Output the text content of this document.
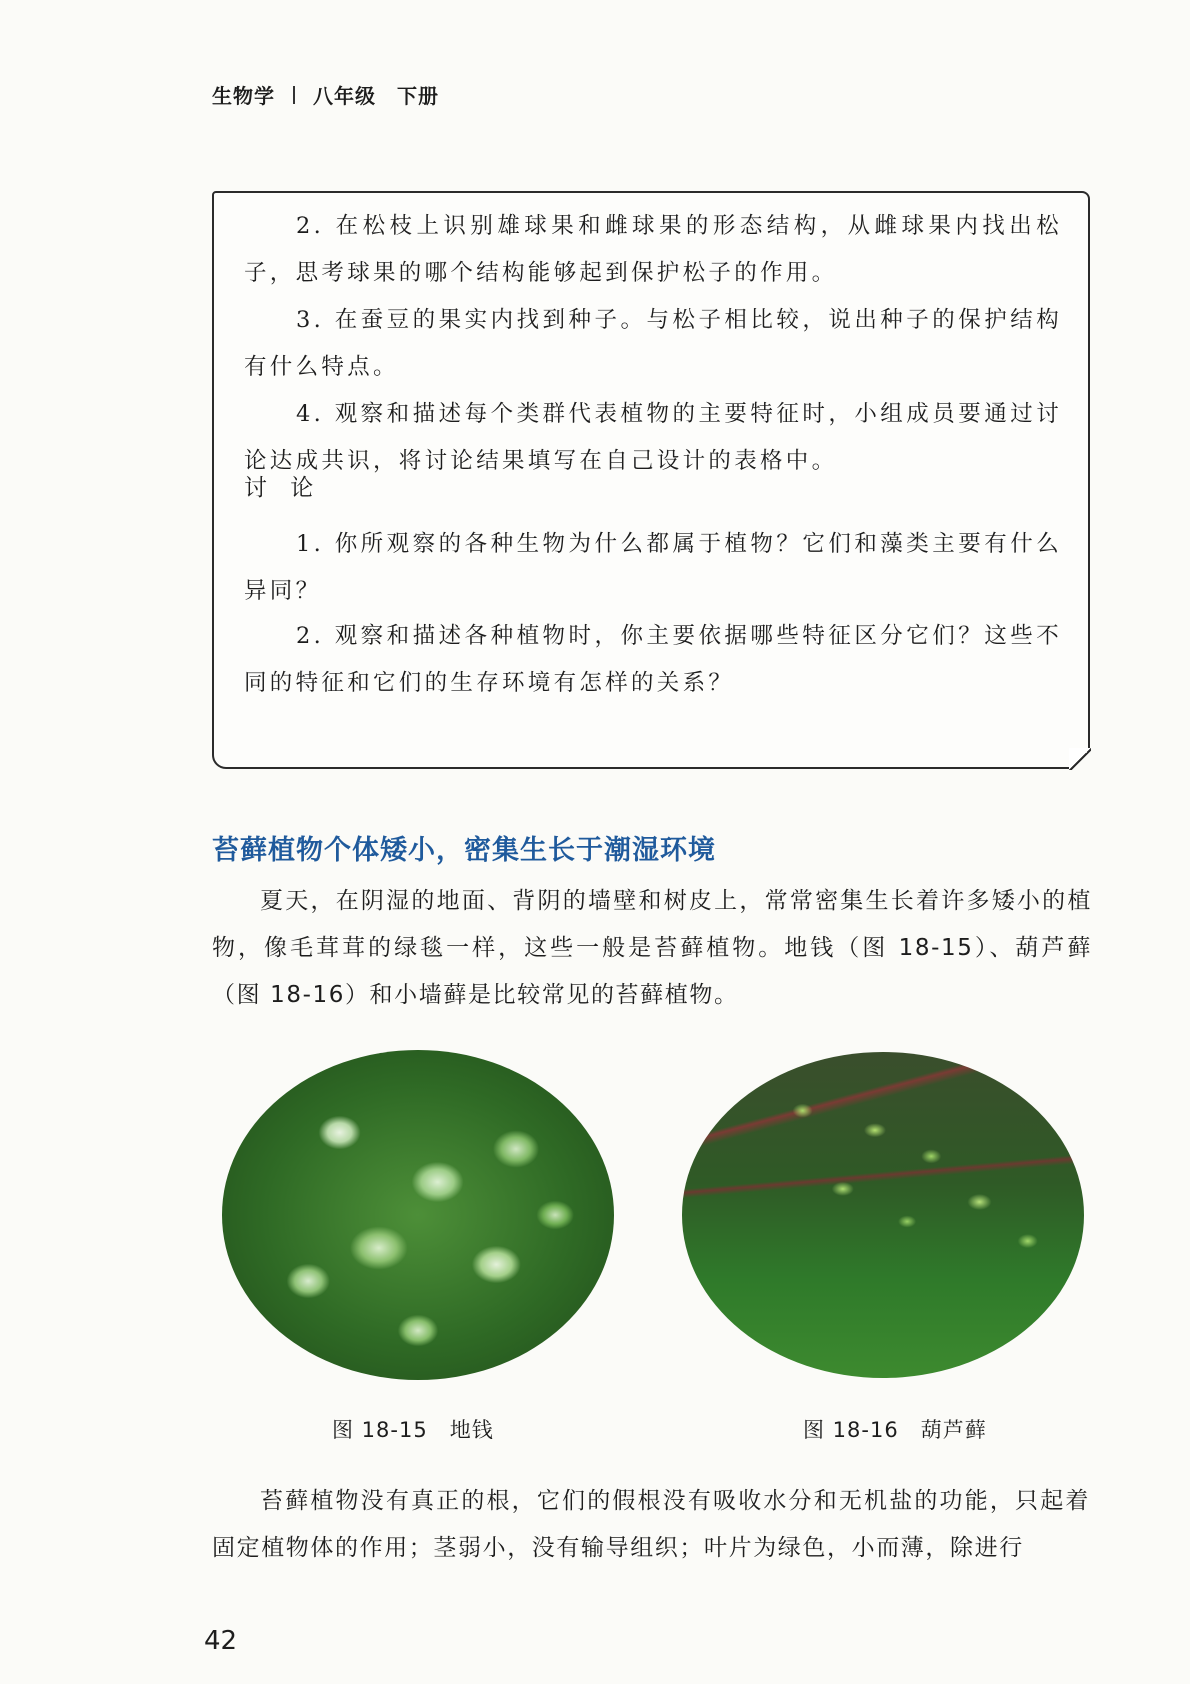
生物学 八年级　 下册

2. 在松枝上识别雄球果和雌球果的形态结构，从雌球果内找出松子，思考球果的哪个结构能够起到保护松子的作用。

3. 在蚕豆的果实内找到种子。与松子相比较，说出种子的保护结构有什么特点。

4. 观察和描述每个类群代表植物的主要特征时，小组成员要通过讨论达成共识，将讨论结果填写在自己设计的表格中。

讨 论

1. 你所观察的各种生物为什么都属于植物？它们和藻类主要有什么异同？

2. 观察和描述各种植物时，你主要依据哪些特征区分它们？这些不同的特征和它们的生存环境有怎样的关系？

苔藓植物个体矮小，密集生长于潮湿环境

夏天，在阴湿的地面、背阴的墙壁和树皮上，常常密集生长着许多矮小的植物，像毛茸茸的绿毯一样，这些一般是苔藓植物。地钱（图 18-15）、葫芦藓（图 18-16）和小墙藓是比较常见的苔藓植物。

图 18-15　地钱	图 18-16　葫芦藓

苔藓植物没有真正的根，它们的假根没有吸收水分和无机盐的功能，只起着固定植物体的作用；茎弱小，没有输导组织；叶片为绿色，小而薄，除进行

42
